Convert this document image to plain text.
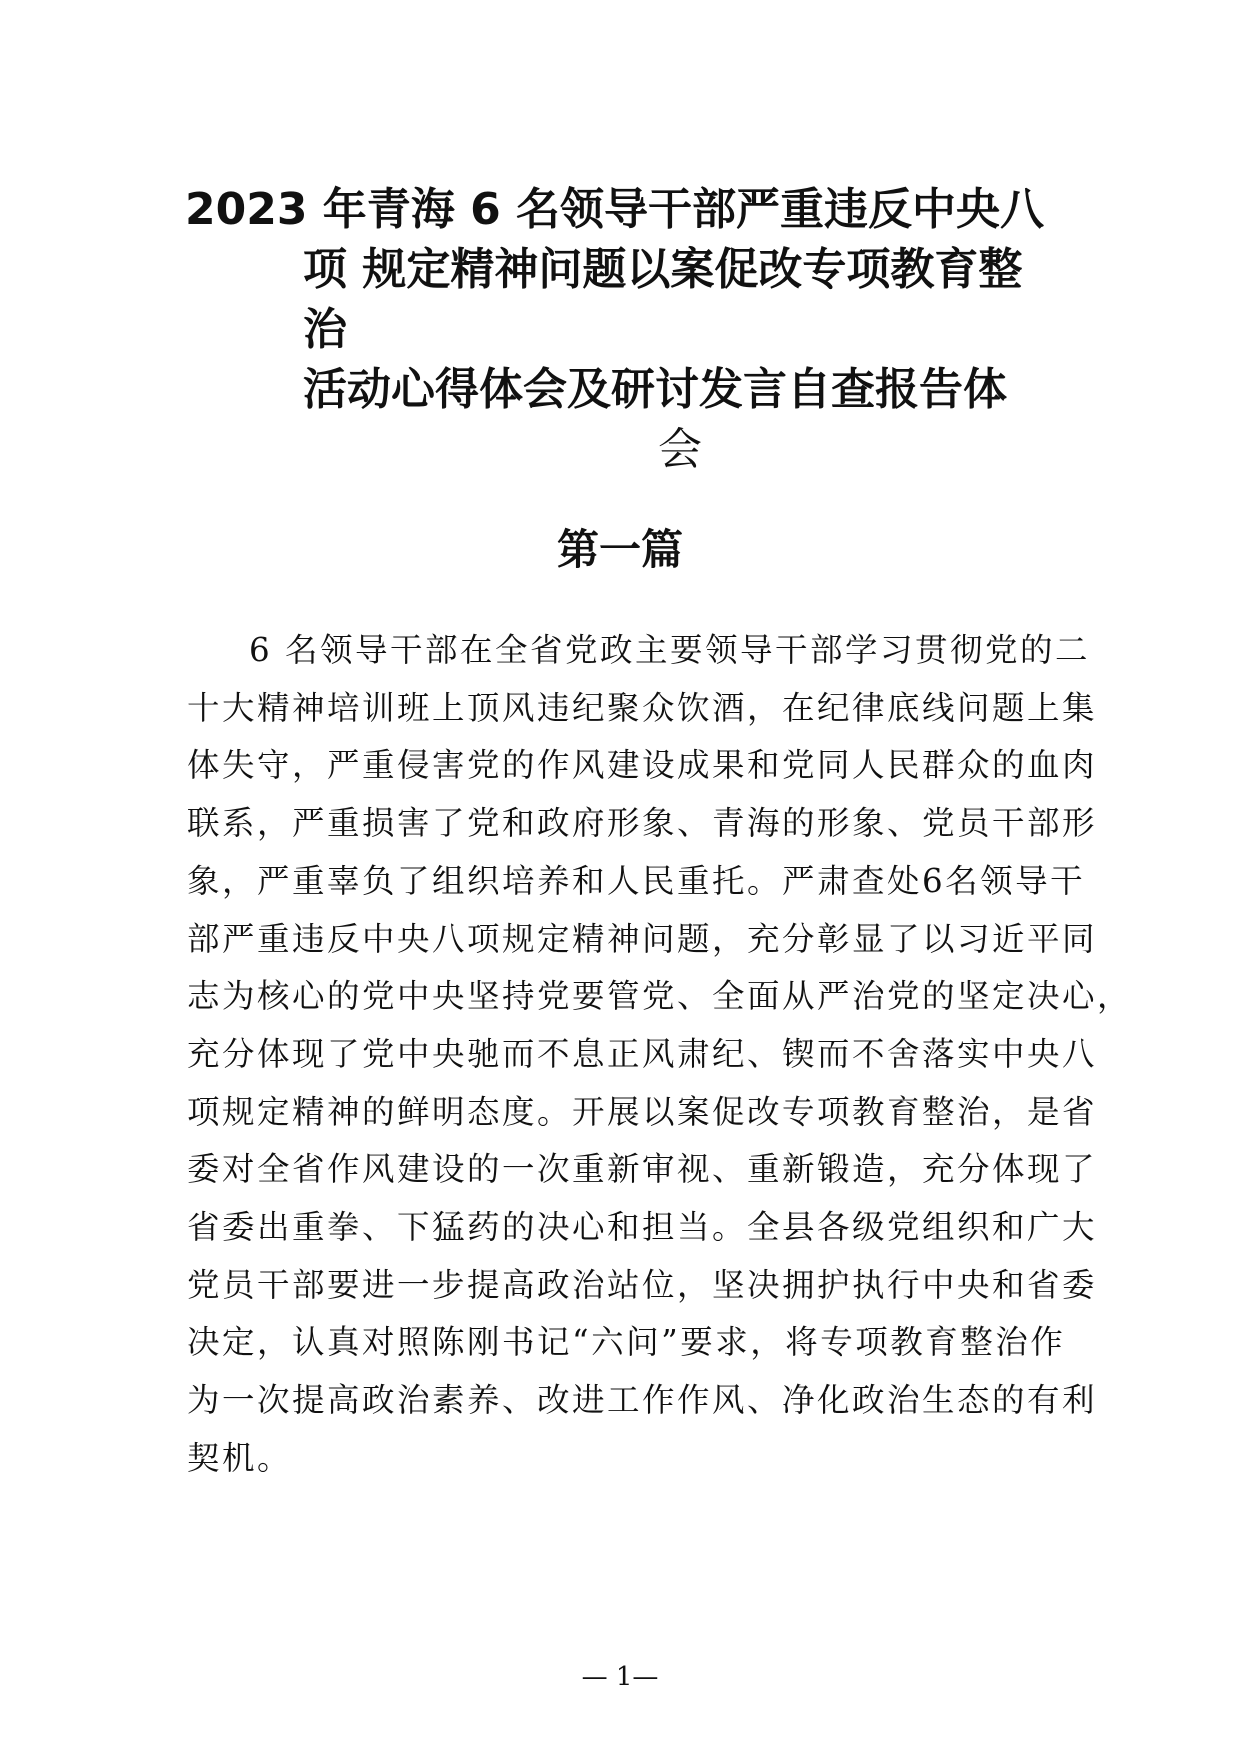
2023 年青海 6 名领导干部严重违反中央八
项 规定精神问题以案促改专项教育整
治
活动心得体会及研讨发言自查报告体
会
第一篇
6 名领导干部在全省党政主要领导干部学习贯彻党的二
十大精神培训班上顶风违纪聚众饮酒，在纪律底线问题上集
体失守，严重侵害党的作风建设成果和党同人民群众的血肉
联系，严重损害了党和政府形象、青海的形象、党员干部形
象，严重辜负了组织培养和人民重托。严肃查处6名领导干
部严重违反中央八项规定精神问题，充分彰显了以习近平同
志为核心的党中央坚持党要管党、全面从严治党的坚定决心，
充分体现了党中央驰而不息正风肃纪、锲而不舍落实中央八
项规定精神的鲜明态度。开展以案促改专项教育整治，是省
委对全省作风建设的一次重新审视、重新锻造，充分体现了
省委出重拳、下猛药的决心和担当。全县各级党组织和广大
党员干部要进一步提高政治站位，坚决拥护执行中央和省委
决定，认真对照陈刚书记“六问”要求，将专项教育整治作
为一次提高政治素养、改进工作作风、净化政治生态的有利
契机。
— 1—
